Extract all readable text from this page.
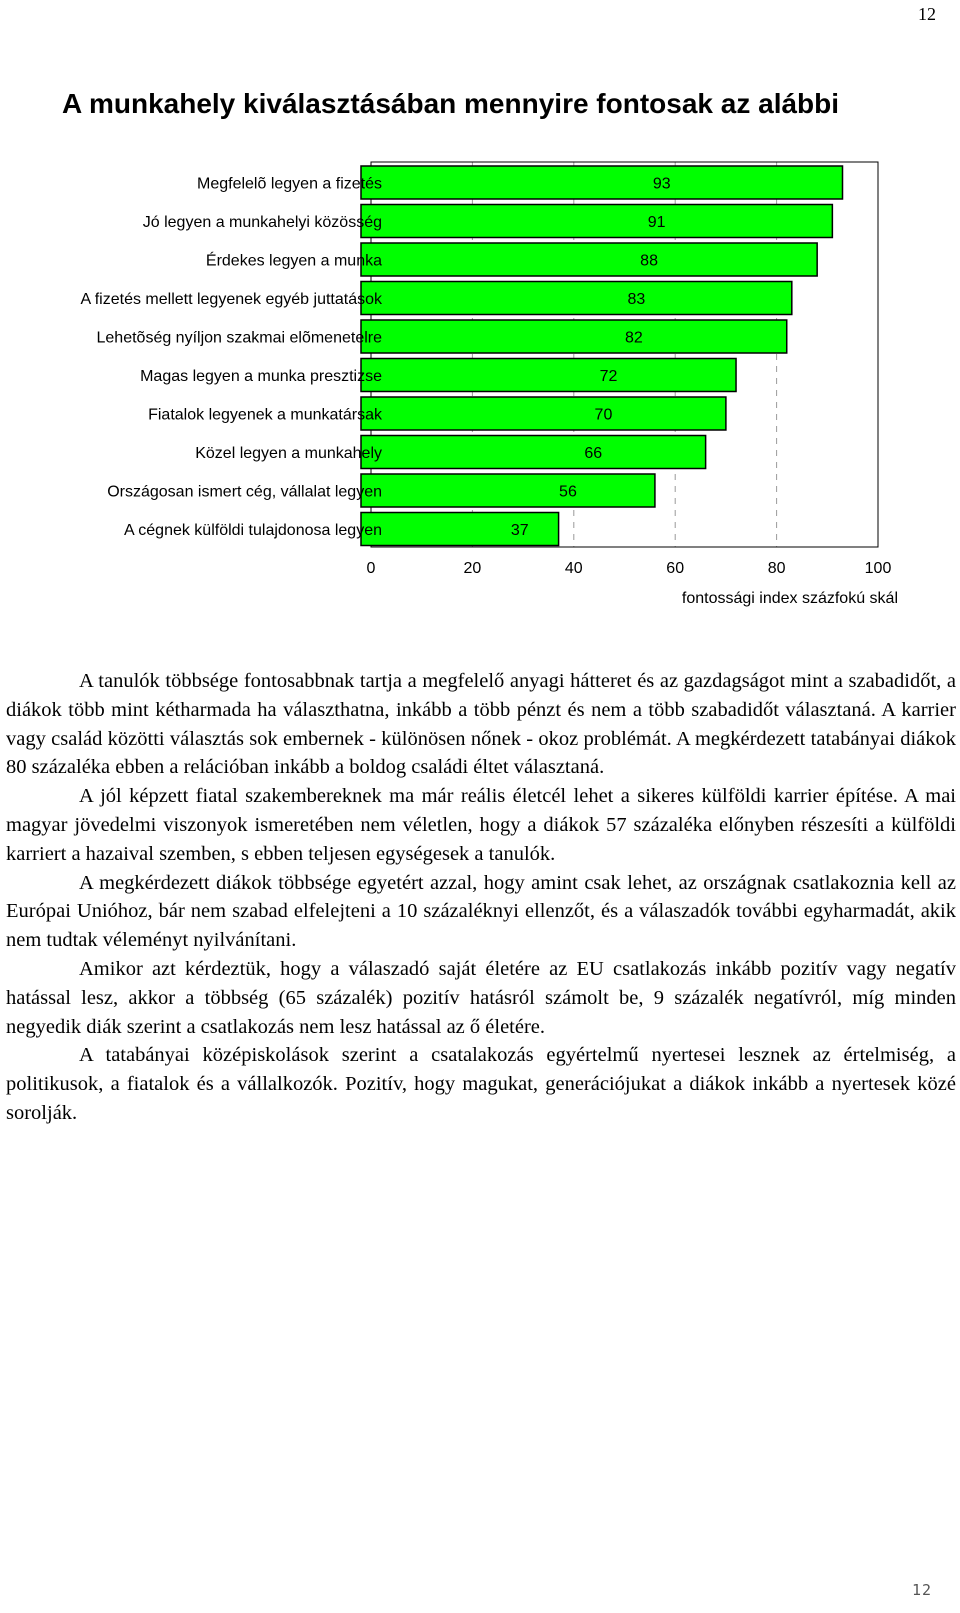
12
A munkahely kiválasztásában mennyire fontosak az alábbi
93
91
88
83
82
72
70
66
56
37
Megfelelõ legyen a fizetés
Jó legyen a munkahelyi közösség
Érdekes legyen a munka
A fizetés mellett legyenek egyéb juttatások
Lehetõség nyíljon szakmai elõmenetelre
Magas legyen a munka presztizse
Fiatalok legyenek a munkatársak
Közel legyen a munkahely
Országosan ismert cég, vállalat legyen
A cégnek külföldi tulajdonosa legyen
0	20	40	60	80	100
fontossági index százfokú skál

A tanulók többsége fontosabbnak tartja a megfelelő anyagi hátteret és az gazdagságot mint a szabadidőt, a diákok több mint kétharmada ha választhatna, inkább a több pénzt és nem a több szabadidőt választaná. A karrier vagy család közötti választás sok embernek - különösen nőnek - okoz problémát. A megkérdezett tatabányai diákok 80 százaléka ebben a relációban inkább a boldog családi éltet választaná.

A jól képzett fiatal szakembereknek ma már reális életcél lehet a sikeres külföldi karrier építése. A mai magyar jövedelmi viszonyok ismeretében nem véletlen, hogy a diákok 57 százaléka előnyben részesíti a külföldi karriert a hazaival szemben, s ebben teljesen egységesek a tanulók.

A megkérdezett diákok többsége egyetért azzal, hogy amint csak lehet, az országnak csatlakoznia kell az Európai Unióhoz, bár nem szabad elfelejteni a 10 százaléknyi ellenzőt, és a válaszadók további egyharmadát, akik nem tudtak véleményt nyilvánítani.

Amikor azt kérdeztük, hogy a válaszadó saját életére az EU csatlakozás inkább pozitív vagy negatív hatással lesz, akkor a többség (65 százalék) pozitív hatásról számolt be, 9 százalék negatívról, míg minden negyedik diák szerint a csatlakozás nem lesz hatással az ő életére.

A tatabányai középiskolások szerint a csatalakozás egyértelmű nyertesei lesznek az értelmiség, a politikusok, a fiatalok és a vállalkozók. Pozitív, hogy magukat, generációjukat a diákok inkább a nyertesek közé sorolják.

12
